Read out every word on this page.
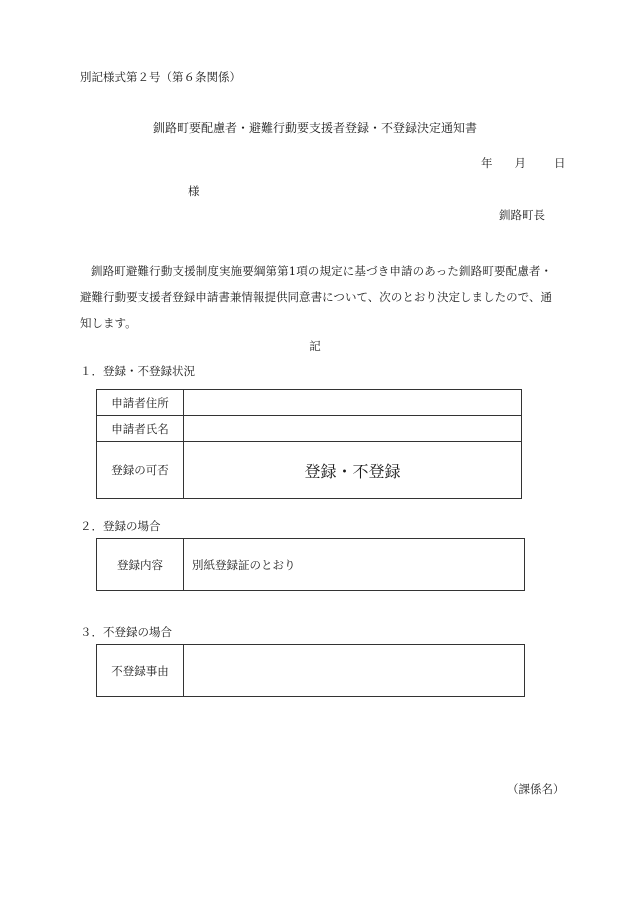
別記様式第２号（第６条関係）
釧路町要配慮者・避難行動要支援者登録・不登録決定通知書
年 月 日
様
釧路町長
釧路町避難行動支援制度実施要綱第第1項の規定に基づき申請のあった釧路町要配慮者・避難行動要支援者登録申請書兼情報提供同意書について、次のとおり決定しましたので、通知します。
記
１．登録・不登録状況
申請者住所	
申請者氏名	
登録の可否	登録・不登録
２．登録の場合
登録内容	別紙登録証のとおり
３．不登録の場合
不登録事由	
（課係名）
